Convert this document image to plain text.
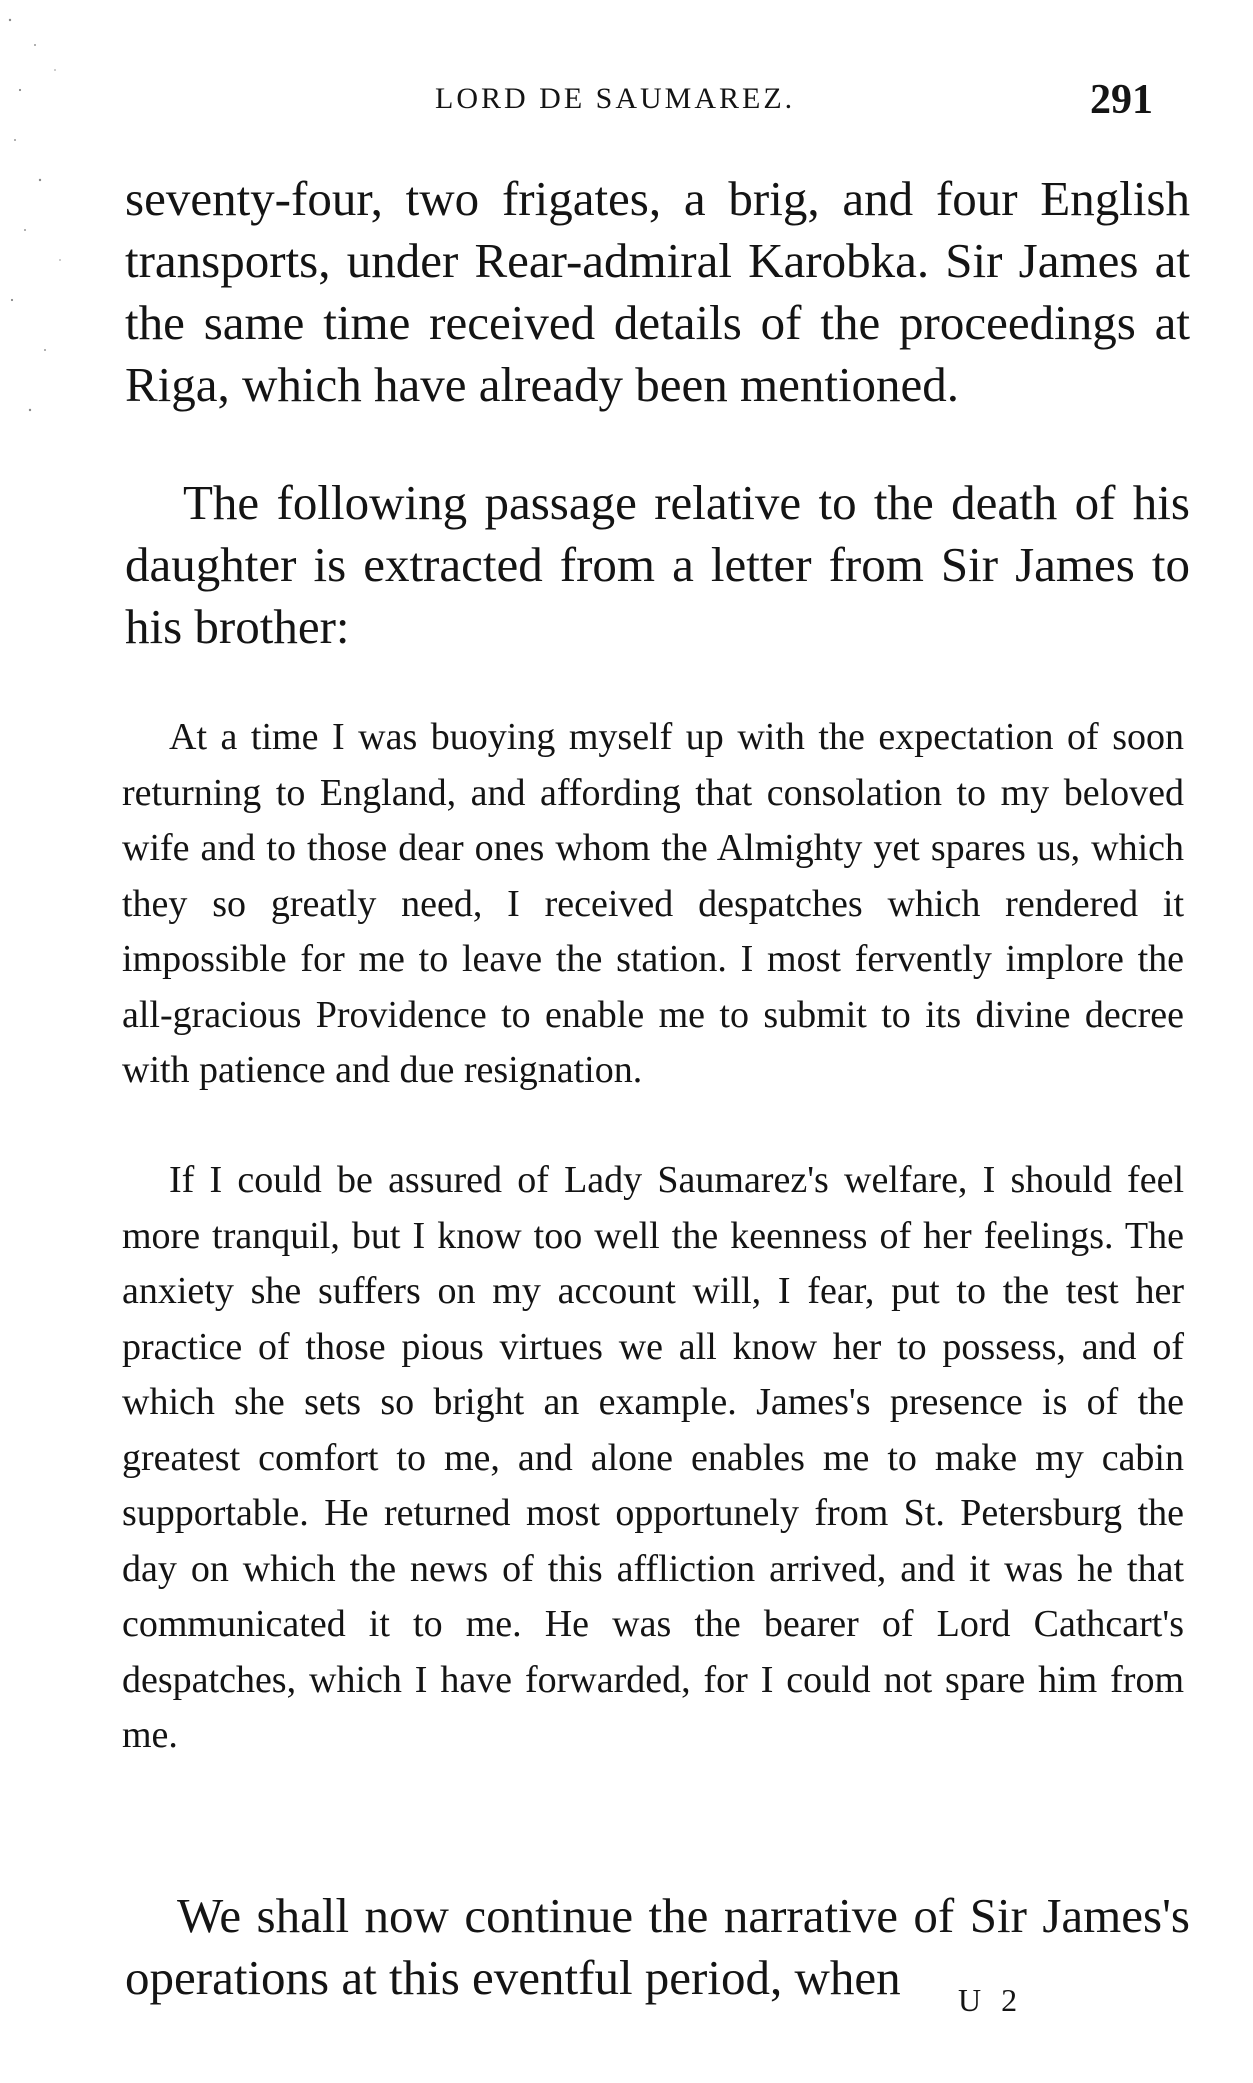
LORD DE SAUMAREZ.	291

seventy-four, two frigates, a brig, and four English transports, under Rear-admiral Karobka. Sir James at the same time received details of the proceedings at Riga, which have already been mentioned.

The following passage relative to the death of his daughter is extracted from a letter from Sir James to his brother:

At a time I was buoying myself up with the expectation of soon returning to England, and affording that consolation to my beloved wife and to those dear ones whom the Almighty yet spares us, which they so greatly need, I received despatches which rendered it impossible for me to leave the station. I most fervently implore the all-gracious Providence to enable me to submit to its divine decree with patience and due resignation.

If I could be assured of Lady Saumarez's welfare, I should feel more tranquil, but I know too well the keenness of her feelings. The anxiety she suffers on my account will, I fear, put to the test her practice of those pious virtues we all know her to possess, and of which she sets so bright an example. James's presence is of the greatest comfort to me, and alone enables me to make my cabin supportable. He returned most opportunely from St. Petersburg the day on which the news of this affliction arrived, and it was he that communicated it to me. He was the bearer of Lord Cathcart's despatches, which I have forwarded, for I could not spare him from me.

We shall now continue the narrative of Sir James's operations at this eventful period, when	U 2
